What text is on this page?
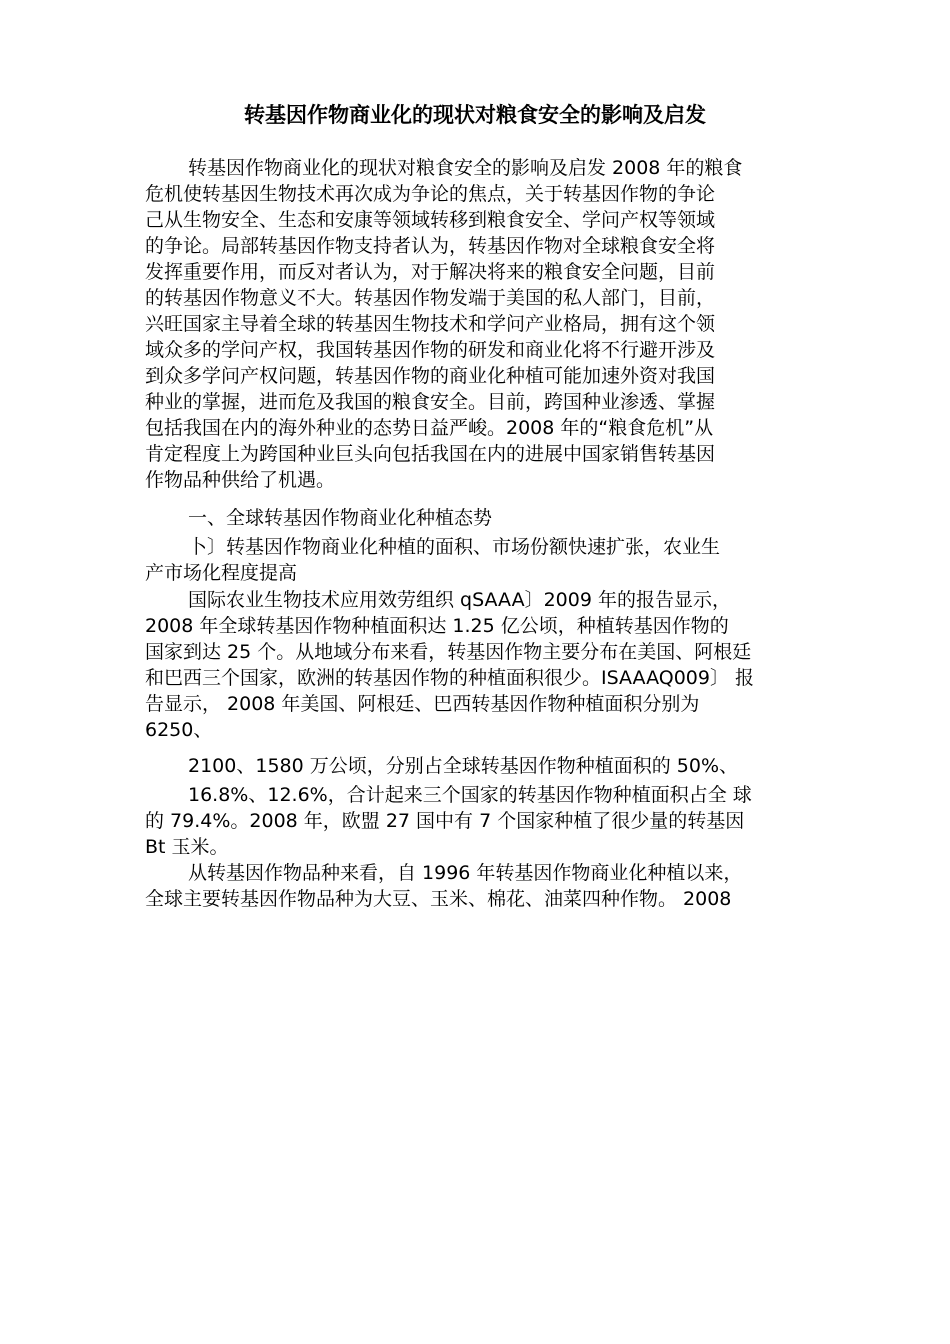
转基因作物商业化的现状对粮食安全的影响及启发
转基因作物商业化的现状对粮食安全的影响及启发 2008 年的粮食
危机使转基因生物技术再次成为争论的焦点，关于转基因作物的争论
己从生物安全、生态和安康等领域转移到粮食安全、学问产权等领域
的争论。局部转基因作物支持者认为，转基因作物对全球粮食安全将
发挥重要作用，而反对者认为，对于解决将来的粮食安全问题，目前
的转基因作物意义不大。转基因作物发端于美国的私人部门，目前，
兴旺国家主导着全球的转基因生物技术和学问产业格局，拥有这个领
域众多的学问产权，我国转基因作物的研发和商业化将不行避开涉及
到众多学问产权问题，转基因作物的商业化种植可能加速外资对我国
种业的掌握，进而危及我国的粮食安全。目前，跨国种业渗透、掌握
包括我国在内的海外种业的态势日益严峻。2008 年的“粮食危机”从
肯定程度上为跨国种业巨头向包括我国在内的进展中国家销售转基因
作物品种供给了机遇。
一、全球转基因作物商业化种植态势
卜〕转基因作物商业化种植的面积、市场份额快速扩张，农业生
产市场化程度提高
国际农业生物技术应用效劳组织 qSAAA〕2009 年的报告显示，
2008 年全球转基因作物种植面积达 1.25 亿公顷，种植转基因作物的
国家到达 25 个。从地域分布来看，转基因作物主要分布在美国、阿根廷
和巴西三个国家，欧洲的转基因作物的种植面积很少。ISAAAQ009〕 报
告显示， 2008 年美国、阿根廷、巴西转基因作物种植面积分别为
6250、
2100、1580 万公顷，分别占全球转基因作物种植面积的 50%、
16.8%、12.6%，合计起来三个国家的转基因作物种植面积占全 球
的 79.4%。2008 年，欧盟 27 国中有 7 个国家种植了很少量的转基因
Bt 玉米。
从转基因作物品种来看，自 1996 年转基因作物商业化种植以来，
全球主要转基因作物品种为大豆、玉米、棉花、油菜四种作物。 2008
